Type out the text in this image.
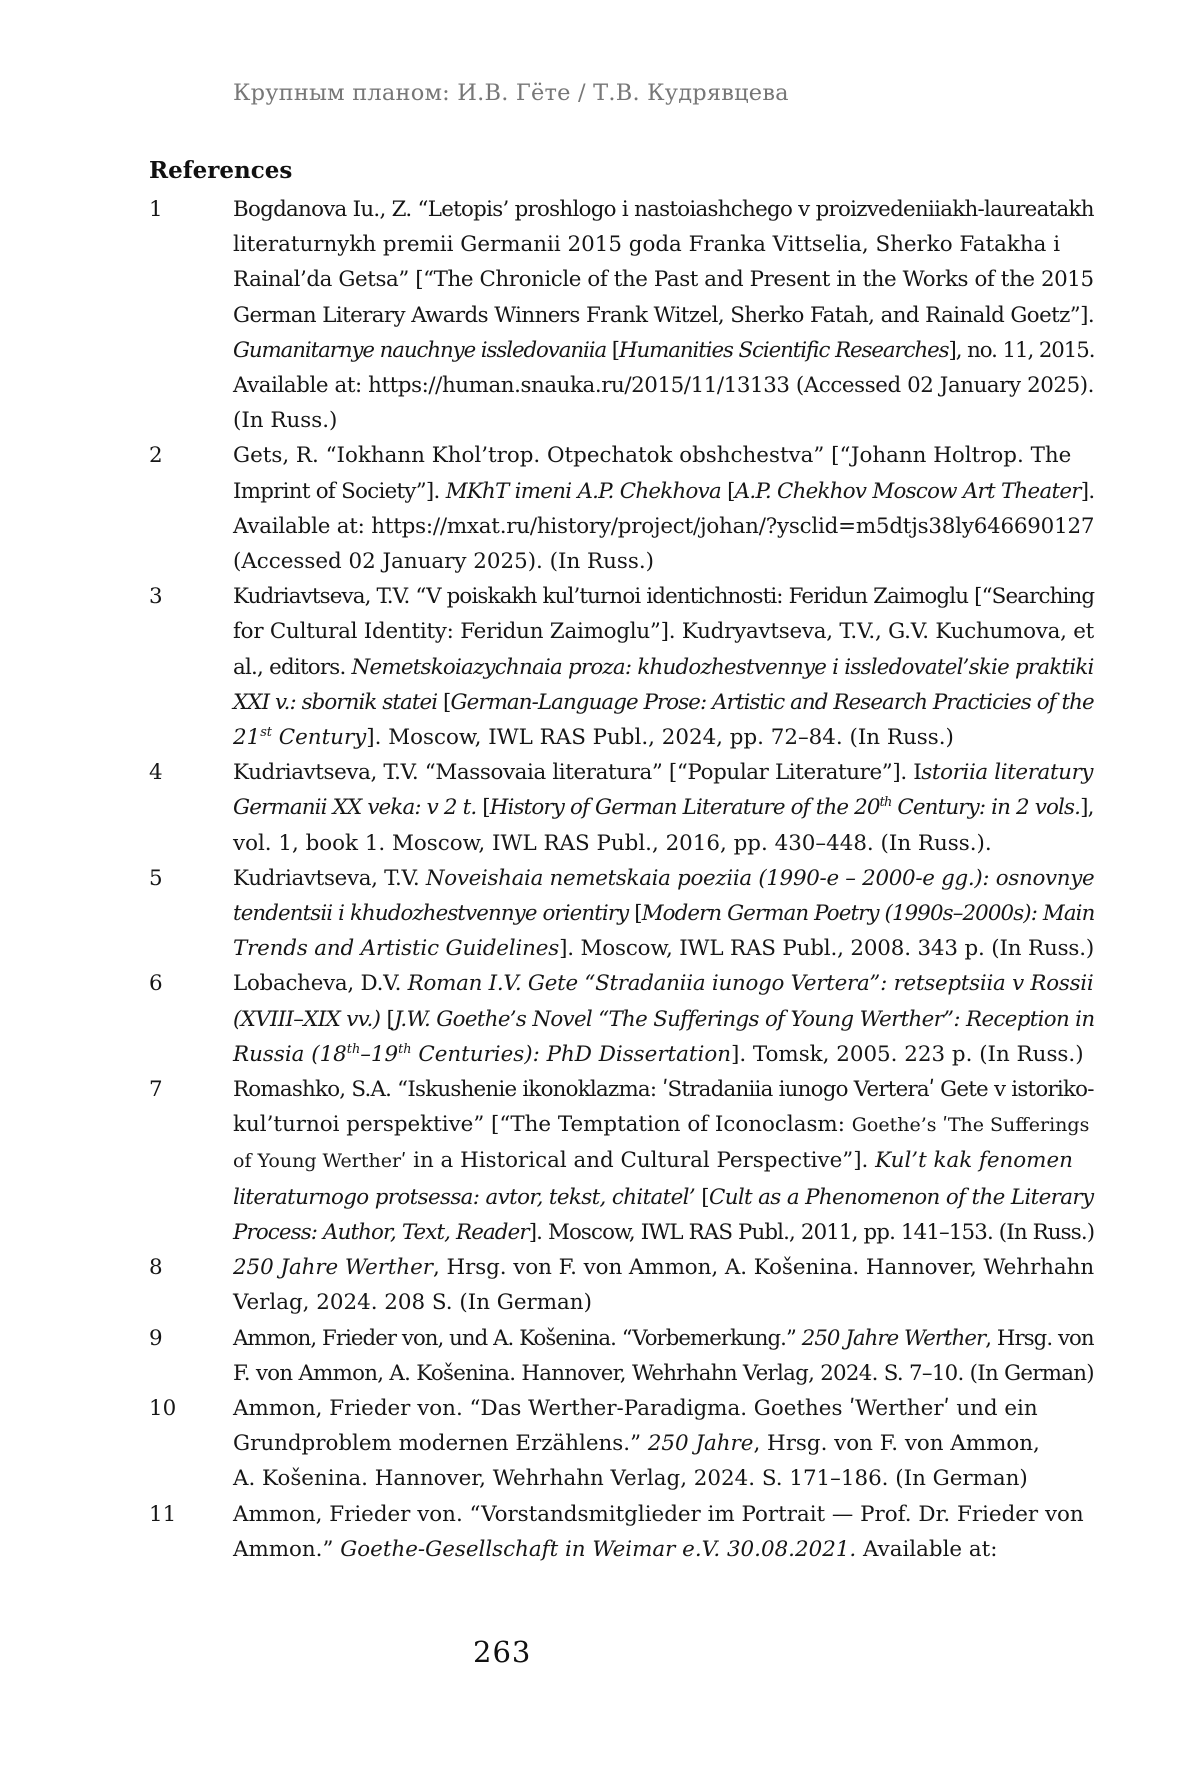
Крупным планом: И.В. Гёте / Т.В. Кудрявцева
References
1	Bogdanova Iu., Z. “Letopis’ proshlogo i nastoiashchego v proizvedeniiakh-laureatakh
literaturnykh premii Germanii 2015 goda Franka Vittselia, Sherko Fatakha i
Rainal’da Getsa” [“The Chronicle of the Past and Present in the Works of the 2015
German Literary Awards Winners Frank Witzel, Sherko Fatah, and Rainald Goetz”].
Gumanitarnye nauchnye issledovaniia [Humanities Scientific Researches], no. 11, 2015.
Available at: https://human.snauka.ru/2015/11/13133 (Accessed 02 January 2025).
(In Russ.)
2	Gets, R. “Iokhann Khol’trop. Otpechatok obshchestva” [“Johann Holtrop. The
Imprint of Society”]. MKhT imeni A.P. Chekhova [A.P. Chekhov Moscow Art Theater].
Available at: https://mxat.ru/history/project/johan/?ysclid=m5dtjs38ly646690127
(Accessed 02 January 2025). (In Russ.)
3	Kudriavtseva, T.V. “V poiskakh kul’turnoi identichnosti: Feridun Zaimoglu [“Searching
for Cultural Identity: Feridun Zaimoglu”]. Kudryavtseva, T.V., G.V. Kuchumova, et
al., editors. Nemetskoiazychnaia proza: khudozhestvennye i issledovatel’skie praktiki
XXI v.: sbornik statei [German-Language Prose: Artistic and Research Practicies of the
21st Century]. Moscow, IWL RAS Publ., 2024, pp. 72–84. (In Russ.)
4	Kudriavtseva, T.V. “Massovaia literatura” [“Popular Literature”]. Istoriia literatury
Germanii XX veka: v 2 t. [History of German Literature of the 20th Century: in 2 vols.],
vol. 1, book 1. Moscow, IWL RAS Publ., 2016, pp. 430–448. (In Russ.).
5	Kudriavtseva, T.V. Noveishaia nemetskaia poeziia (1990-e – 2000-e gg.): osnovnye
tendentsii i khudozhestvennye orientiry [Modern German Poetry (1990s–2000s): Main
Trends and Artistic Guidelines]. Moscow, IWL RAS Publ., 2008. 343 p. (In Russ.)
6	Lobacheva, D.V. Roman I.V. Gete “Stradaniia iunogo Vertera”: retseptsiia v Rossii
(XVIII–XIX vv.) [J.W. Goethe’s Novel “The Sufferings of Young Werther”: Reception in
Russia (18th–19th Centuries): PhD Dissertation]. Tomsk, 2005. 223 p. (In Russ.)
7	Romashko, S.A. “Iskushenie ikonoklazma: ʹStradaniia iunogo Verteraʹ Gete v istoriko-
kul’turnoi perspektive” [“The Temptation of Iconoclasm: Goethe’s ʹThe Sufferings
of Young Wertherʹ in a Historical and Cultural Perspective”]. Kul’t kak fenomen
literaturnogo protsessa: avtor, tekst, chitatel’ [Cult as a Phenomenon of the Literary
Process: Author, Text, Reader]. Moscow, IWL RAS Publ., 2011, pp. 141–153. (In Russ.)
8	250 Jahre Werther, Hrsg. von F. von Ammon, A. Košenina. Hannover, Wehrhahn
Verlag, 2024. 208 S. (In German)
9	Ammon, Frieder von, und A. Košenina. “Vorbemerkung.” 250 Jahre Werther, Hrsg. von
F. von Ammon, A. Košenina. Hannover, Wehrhahn Verlag, 2024. S. 7–10. (In German)
10	Ammon, Frieder von. “Das Werther-Paradigma. Goethes ʹWertherʹ und ein
Grundproblem modernen Erzählens.” 250 Jahre, Hrsg. von F. von Ammon,
A. Košenina. Hannover, Wehrhahn Verlag, 2024. S. 171–186. (In German)
11	Ammon, Frieder von. “Vorstandsmitglieder im Portrait — Prof. Dr. Frieder von
Ammon.” Goethe-Gesellschaft in Weimar e.V. 30.08.2021. Available at:
263
